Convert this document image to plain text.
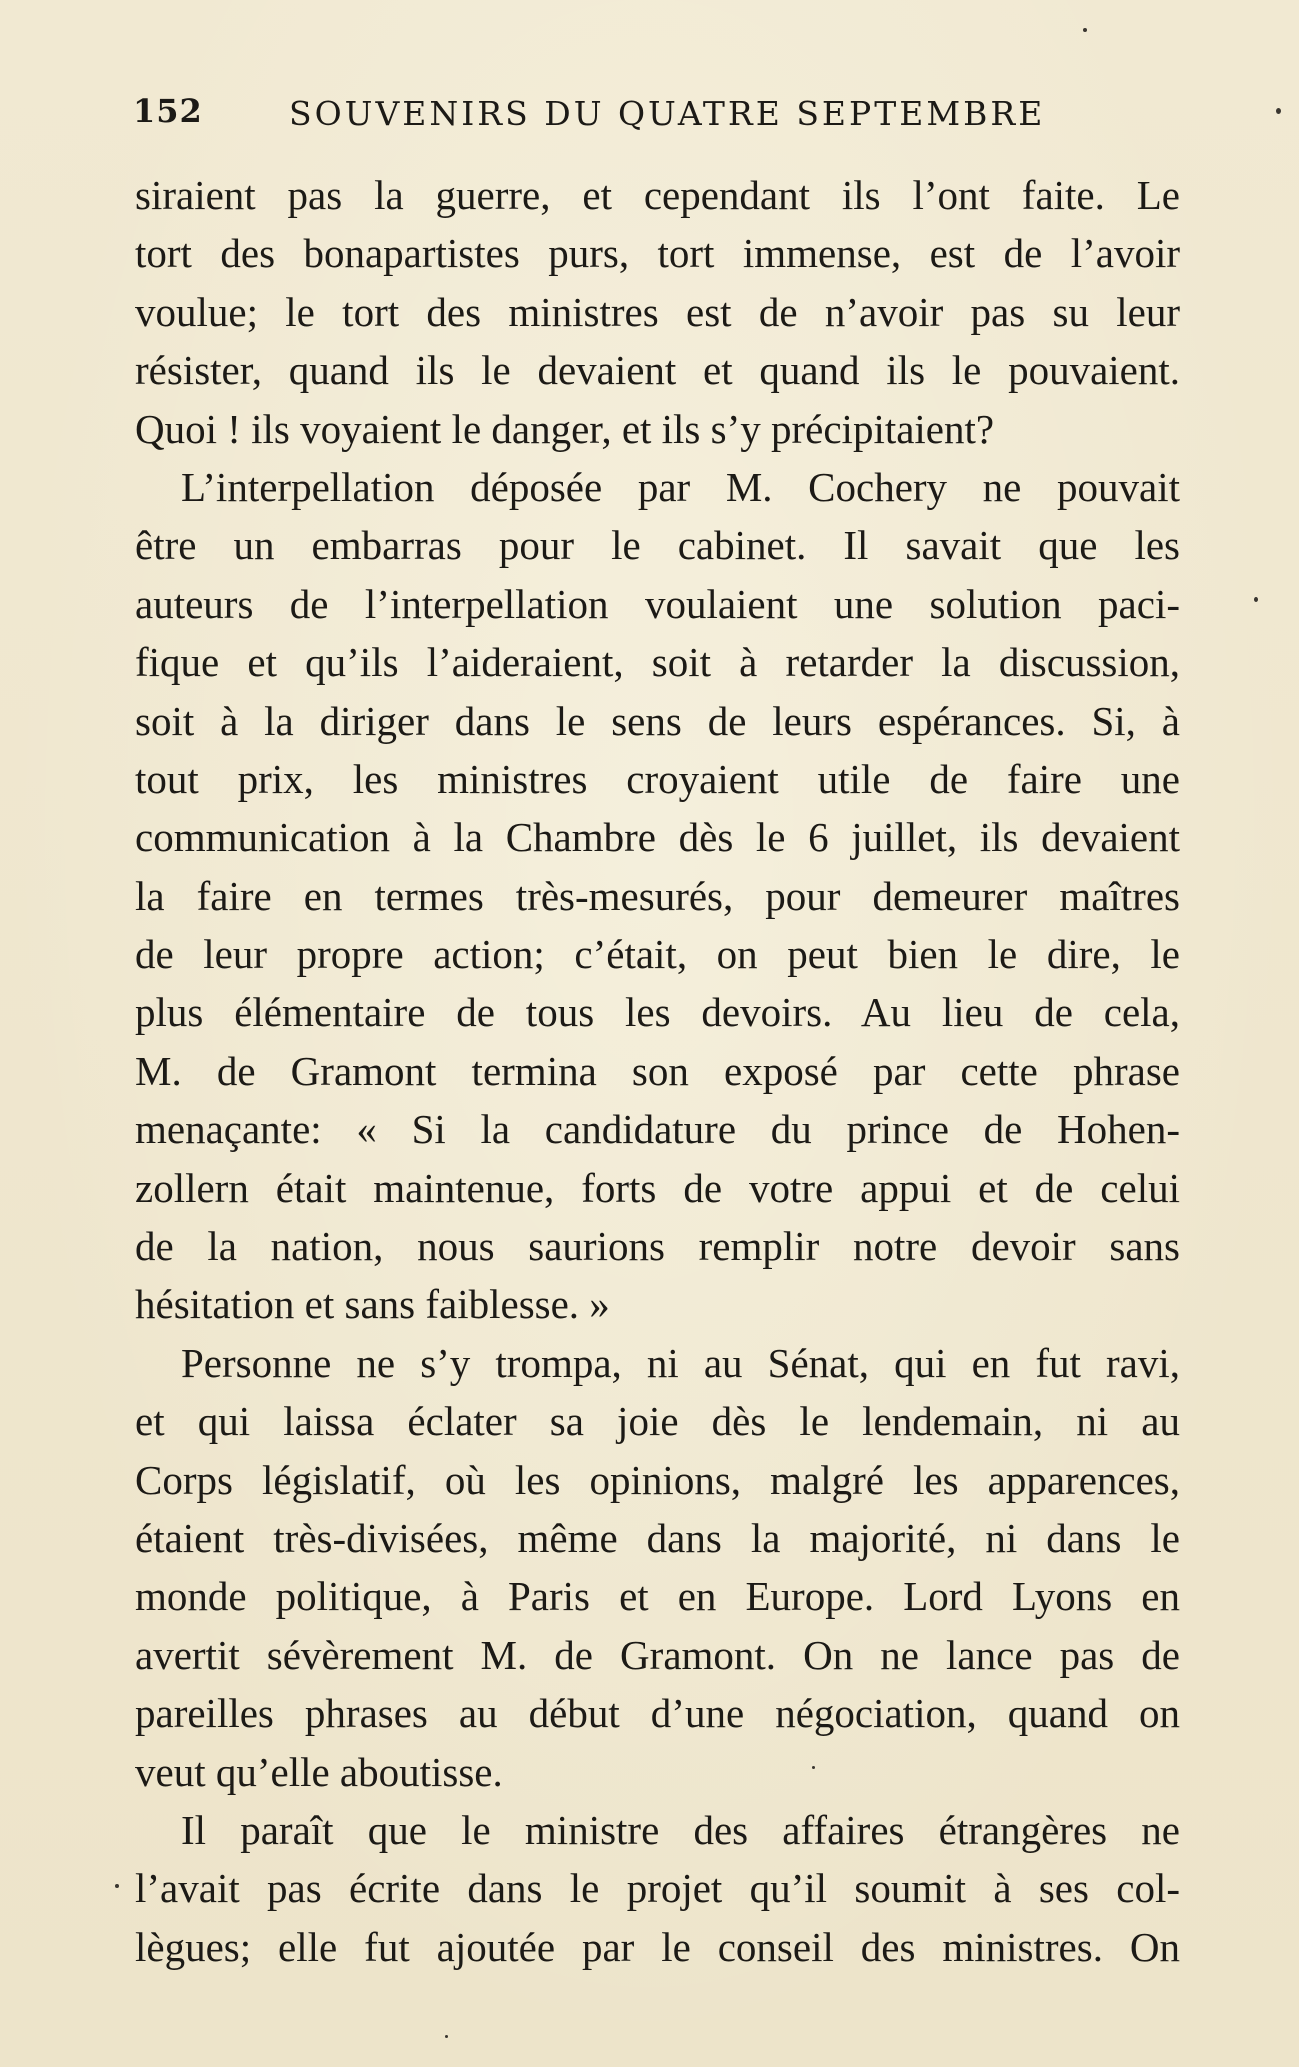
152	SOUVENIRS DU QUATRE SEPTEMBRE
siraient pas la guerre, et cependant ils l’ont faite. Le
tort des bonapartistes purs, tort immense, est de l’avoir
voulue; le tort des ministres est de n’avoir pas su leur
résister, quand ils le devaient et quand ils le pouvaient.
Quoi ! ils voyaient le danger, et ils s’y précipitaient?
L’interpellation déposée par M. Cochery ne pouvait
être un embarras pour le cabinet. Il savait que les
auteurs de l’interpellation voulaient une solution paci-
fique et qu’ils l’aideraient, soit à retarder la discussion,
soit à la diriger dans le sens de leurs espérances. Si, à
tout prix, les ministres croyaient utile de faire une
communication à la Chambre dès le 6 juillet, ils devaient
la faire en termes très-mesurés, pour demeurer maîtres
de leur propre action; c’était, on peut bien le dire, le
plus élémentaire de tous les devoirs. Au lieu de cela,
M. de Gramont termina son exposé par cette phrase
menaçante: « Si la candidature du prince de Hohen-
zollern était maintenue, forts de votre appui et de celui
de la nation, nous saurions remplir notre devoir sans
hésitation et sans faiblesse. »
Personne ne s’y trompa, ni au Sénat, qui en fut ravi,
et qui laissa éclater sa joie dès le lendemain, ni au
Corps législatif, où les opinions, malgré les apparences,
étaient très-divisées, même dans la majorité, ni dans le
monde politique, à Paris et en Europe. Lord Lyons en
avertit sévèrement M. de Gramont. On ne lance pas de
pareilles phrases au début d’une négociation, quand on
veut qu’elle aboutisse.
Il paraît que le ministre des affaires étrangères ne
l’avait pas écrite dans le projet qu’il soumit à ses col-
lègues; elle fut ajoutée par le conseil des ministres. On
